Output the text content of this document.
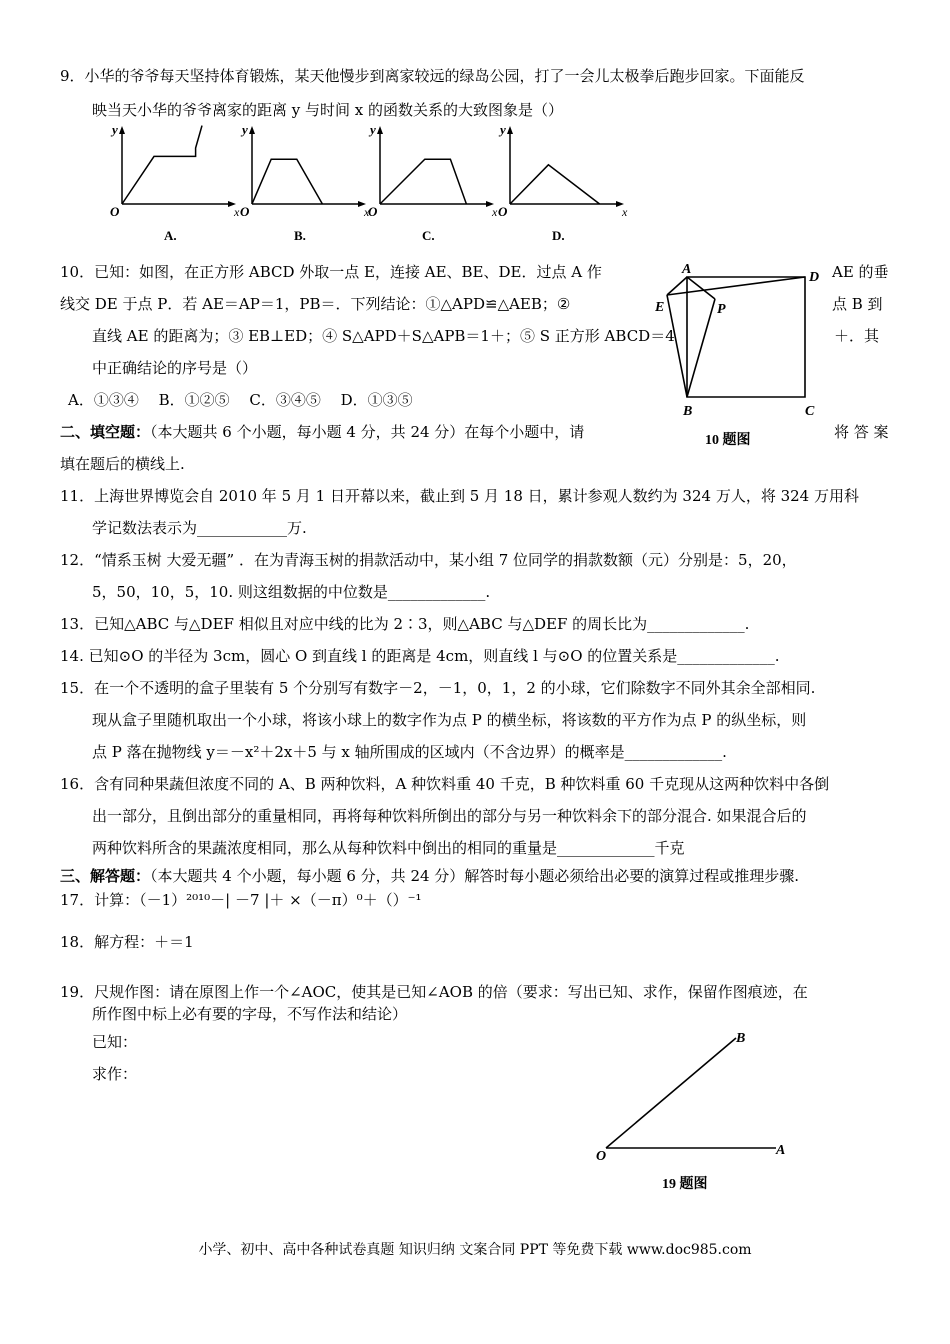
9．小华的爷爷每天坚持体育锻炼，某天他慢步到离家较远的绿岛公园，打了一会儿太极拳后跑步回家。下面能反
映当天小华的爷爷离家的距离 y 与时间 x 的函数关系的大致图象是（）
y
x
O
A.
y
x
O
B.
y
x
O
C.
y
x
O
D.
10．已知：如图，在正方形 ABCD 外取一点 E，连接 AE、BE、DE．过点 A 作	AE 的垂
线交 DE 于点 P．若 AE＝AP＝1，PB＝．下列结论：①△APD≌△AEB；②	点 B 到
直线 AE 的距离为；③ EB⊥ED；④ S△APD＋S△APB＝1＋；⑤ S 正方形 ABCD＝4	＋．其
中正确结论的序号是（）
A．①③④　 B．①②⑤　 C．③④⑤　 D．①③⑤
A
D
E	P
B	C
10 题图
二、填空题：（本大题共 6 个小题，每小题 4 分，共 24 分）在每个小题中，请	将 答 案
填在题后的横线上.
11．上海世界博览会自 2010 年 5 月 1 日开幕以来，截止到 5 月 18 日，累计参观人数约为 324 万人，将 324 万用科
学记数法表示为____________万.
12．“情系玉树 大爱无疆” ．在为青海玉树的捐款活动中，某小组 7 位同学的捐款数额（元）分别是：5，20，
5，50，10，5，10. 则这组数据的中位数是_____________.
13．已知△ABC 与△DEF 相似且对应中线的比为 2∶3，则△ABC 与△DEF 的周长比为_____________.
14. 已知⊙O 的半径为 3cm，圆心 O 到直线 l 的距离是 4cm，则直线 l 与⊙O 的位置关系是_____________.
15．在一个不透明的盒子里装有 5 个分别写有数字－2，－1，0，1，2 的小球，它们除数字不同外其余全部相同.
现从盒子里随机取出一个小球，将该小球上的数字作为点 P 的横坐标，将该数的平方作为点 P 的纵坐标，则
点 P 落在抛物线 y＝－x²＋2x＋5 与 x 轴所围成的区域内（不含边界）的概率是_____________.
16．含有同种果蔬但浓度不同的 A、B 两种饮料，A 种饮料重 40 千克，B 种饮料重 60 千克现从这两种饮料中各倒
出一部分，且倒出部分的重量相同，再将每种饮料所倒出的部分与另一种饮料余下的部分混合. 如果混合后的
两种饮料所含的果蔬浓度相同，那么从每种饮料中倒出的相同的重量是_____________千克
三、解答题：（本大题共 4 个小题，每小题 6 分，共 24 分）解答时每小题必须给出必要的演算过程或推理步骤.
17．计算：（－1）²⁰¹⁰－| －7 |＋ ×（－π）⁰＋（）⁻¹
18．解方程：＋＝1
19．尺规作图：请在原图上作一个∠AOC，使其是已知∠AOB 的倍（要求：写出已知、求作，保留作图痕迹，在
所作图中标上必有要的字母，不写作法和结论）
已知：
求作：
B
A
O
19 题图
小学、初中、高中各种试卷真题 知识归纳 文案合同 PPT 等免费下载 www.doc985.com
